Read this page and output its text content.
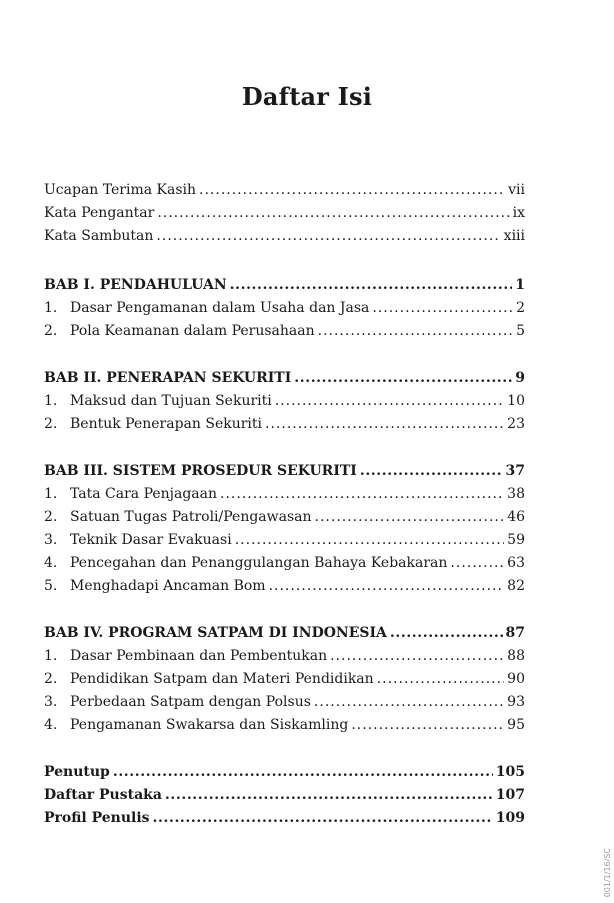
Daftar Isi
Ucapan Terima Kasih .....	vii
Kata Pengantar .....	ix
Kata Sambutan .....	xiii
BAB I. PENDAHULUAN .....	1
1. Dasar Pengamanan dalam Usaha dan Jasa .....	2
2. Pola Keamanan dalam Perusahaan .....	5
BAB II. PENERAPAN SEKURITI .....	9
1. Maksud dan Tujuan Sekuriti .....	10
2. Bentuk Penerapan Sekuriti .....	23
BAB III. SISTEM PROSEDUR SEKURITI .....	37
1. Tata Cara Penjagaan .....	38
2. Satuan Tugas Patroli/Pengawasan .....	46
3. Teknik Dasar Evakuasi .....	59
4. Pencegahan dan Penanggulangan Bahaya Kebakaran .....	63
5. Menghadapi Ancaman Bom .....	82
BAB IV. PROGRAM SATPAM DI INDONESIA .....	87
1. Dasar Pembinaan dan Pembentukan .....	88
2. Pendidikan Satpam dan Materi Pendidikan .....	90
3. Perbedaan Satpam dengan Polsus .....	93
4. Pengamanan Swakarsa dan Siskamling .....	95
Penutup .....	105
Daftar Pustaka .....	107
Profil Penulis .....	109
001/1/16/SC
